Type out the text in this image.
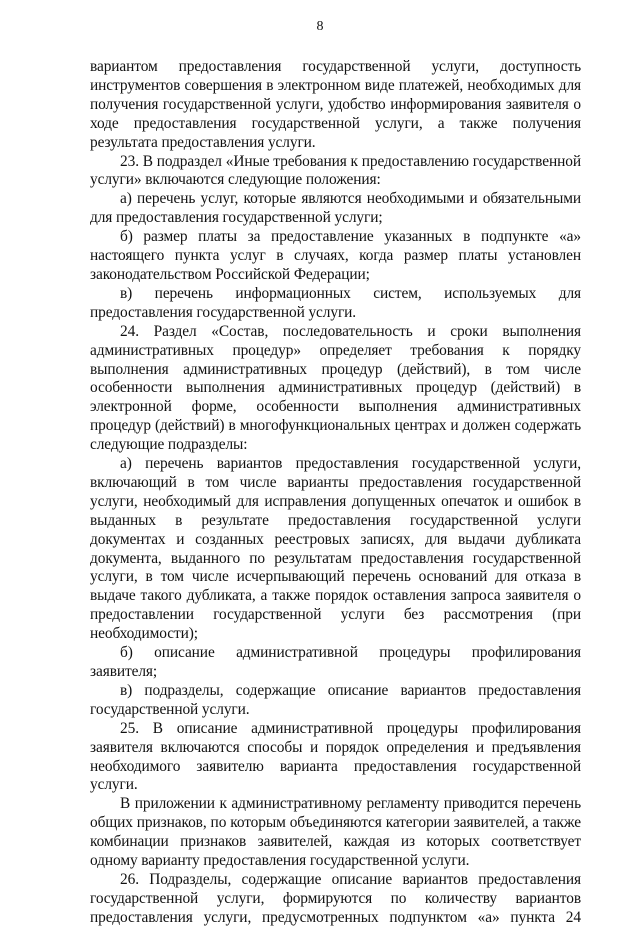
8

вариантом предоставления государственной услуги, доступность инструментов совершения в электронном виде платежей, необходимых для получения государственной услуги, удобство информирования заявителя о ходе предоставления государственной услуги, а также получения результата предоставления услуги.

23. В подраздел «Иные требования к предоставлению государственной услуги» включаются следующие положения:

а) перечень услуг, которые являются необходимыми и обязательными для предоставления государственной услуги;

б) размер платы за предоставление указанных в подпункте «а» настоящего пункта услуг в случаях, когда размер платы установлен законодательством Российской Федерации;

в) перечень информационных систем, используемых для предоставления государственной услуги.

24. Раздел «Состав, последовательность и сроки выполнения административных процедур» определяет требования к порядку выполнения административных процедур (действий), в том числе особенности выполнения административных процедур (действий) в электронной форме, особенности выполнения административных процедур (действий) в многофункциональных центрах и должен содержать следующие подразделы:

а) перечень вариантов предоставления государственной услуги, включающий в том числе варианты предоставления государственной услуги, необходимый для исправления допущенных опечаток и ошибок в выданных в результате предоставления государственной услуги документах и созданных реестровых записях, для выдачи дубликата документа, выданного по результатам предоставления государственной услуги, в том числе исчерпывающий перечень оснований для отказа в выдаче такого дубликата, а также порядок оставления запроса заявителя о предоставлении государственной услуги без рассмотрения (при необходимости);

б) описание административной процедуры профилирования заявителя;

в) подразделы, содержащие описание вариантов предоставления государственной услуги.

25. В описание административной процедуры профилирования заявителя включаются способы и порядок определения и предъявления необходимого заявителю варианта предоставления государственной услуги.

В приложении к административному регламенту приводится перечень общих признаков, по которым объединяются категории заявителей, а также комбинации признаков заявителей, каждая из которых соответствует одному варианту предоставления государственной услуги.

26. Подразделы, содержащие описание вариантов предоставления государственной услуги, формируются по количеству вариантов предоставления услуги, предусмотренных подпунктом «а» пункта 24
